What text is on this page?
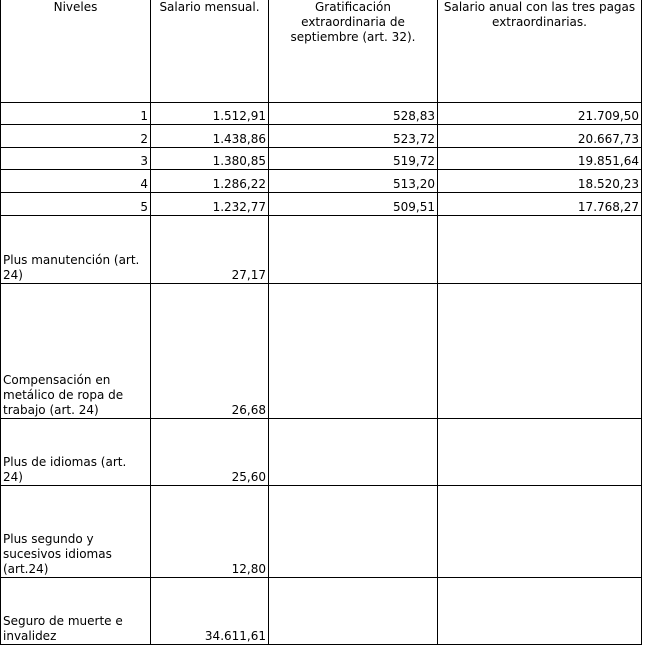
Niveles	Salario mensual.	Gratificación extraordinaria de septiembre (art. 32).	Salario anual con las tres pagas extraordinarias.
1	1.512,91	528,83	21.709,50
2	1.438,86	523,72	20.667,73
3	1.380,85	519,72	19.851,64
4	1.286,22	513,20	18.520,23
5	1.232,77	509,51	17.768,27
Plus manutención (art. 24)	27,17		
Compensación en metálico de ropa de trabajo (art. 24)	26,68		
Plus de idiomas (art. 24)	25,60		
Plus segundo y sucesivos idiomas (art.24)	12,80		
Seguro de muerte e invalidez	34.611,61		
